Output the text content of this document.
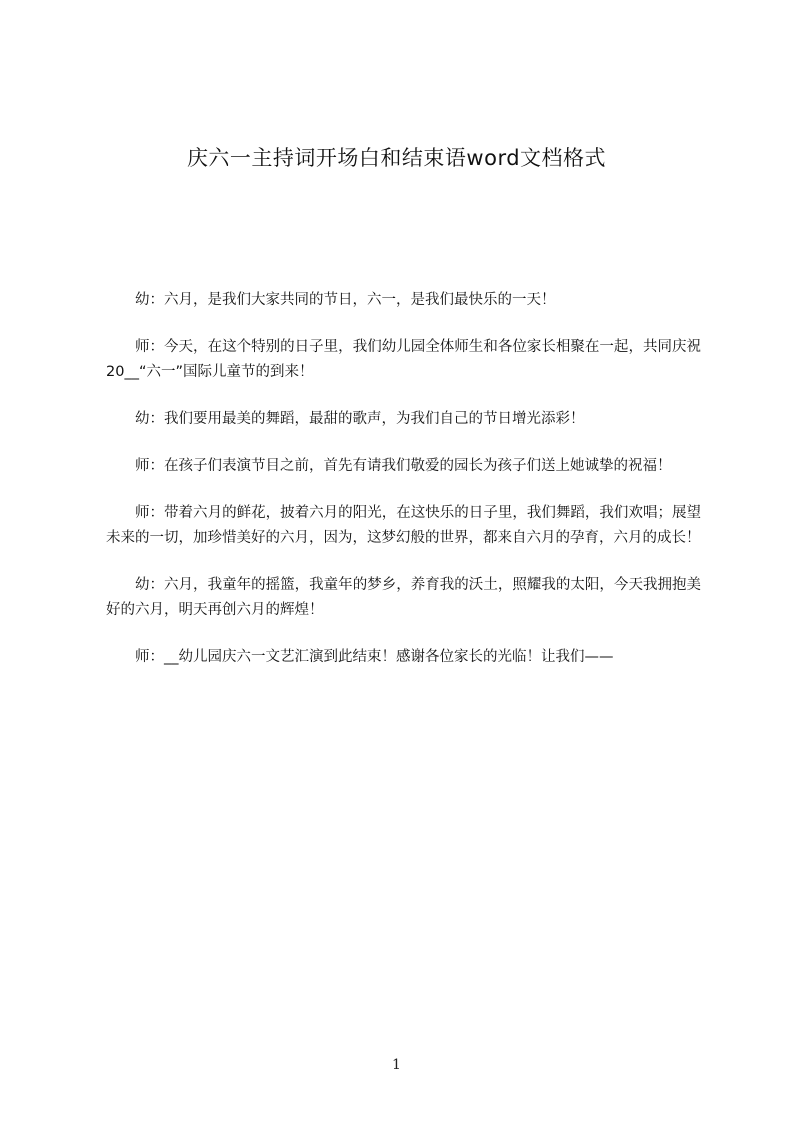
庆六一主持词开场白和结束语word文档格式

幼：六月，是我们大家共同的节日，六一，是我们最快乐的一天！

师：今天，在这个特别的日子里，我们幼儿园全体师生和各位家长相聚在一起，共同庆祝20__“六一”国际儿童节的到来！

幼：我们要用最美的舞蹈，最甜的歌声，为我们自己的节日增光添彩！

师：在孩子们表演节目之前，首先有请我们敬爱的园长为孩子们送上她诚挚的祝福！

师：带着六月的鲜花，披着六月的阳光，在这快乐的日子里，我们舞蹈，我们欢唱；展望未来的一切，加珍惜美好的六月，因为，这梦幻般的世界，都来自六月的孕育，六月的成长！

幼：六月，我童年的摇篮，我童年的梦乡，养育我的沃土，照耀我的太阳，今天我拥抱美好的六月，明天再创六月的辉煌！

师：__幼儿园庆六一文艺汇演到此结束！感谢各位家长的光临！让我们——

1
